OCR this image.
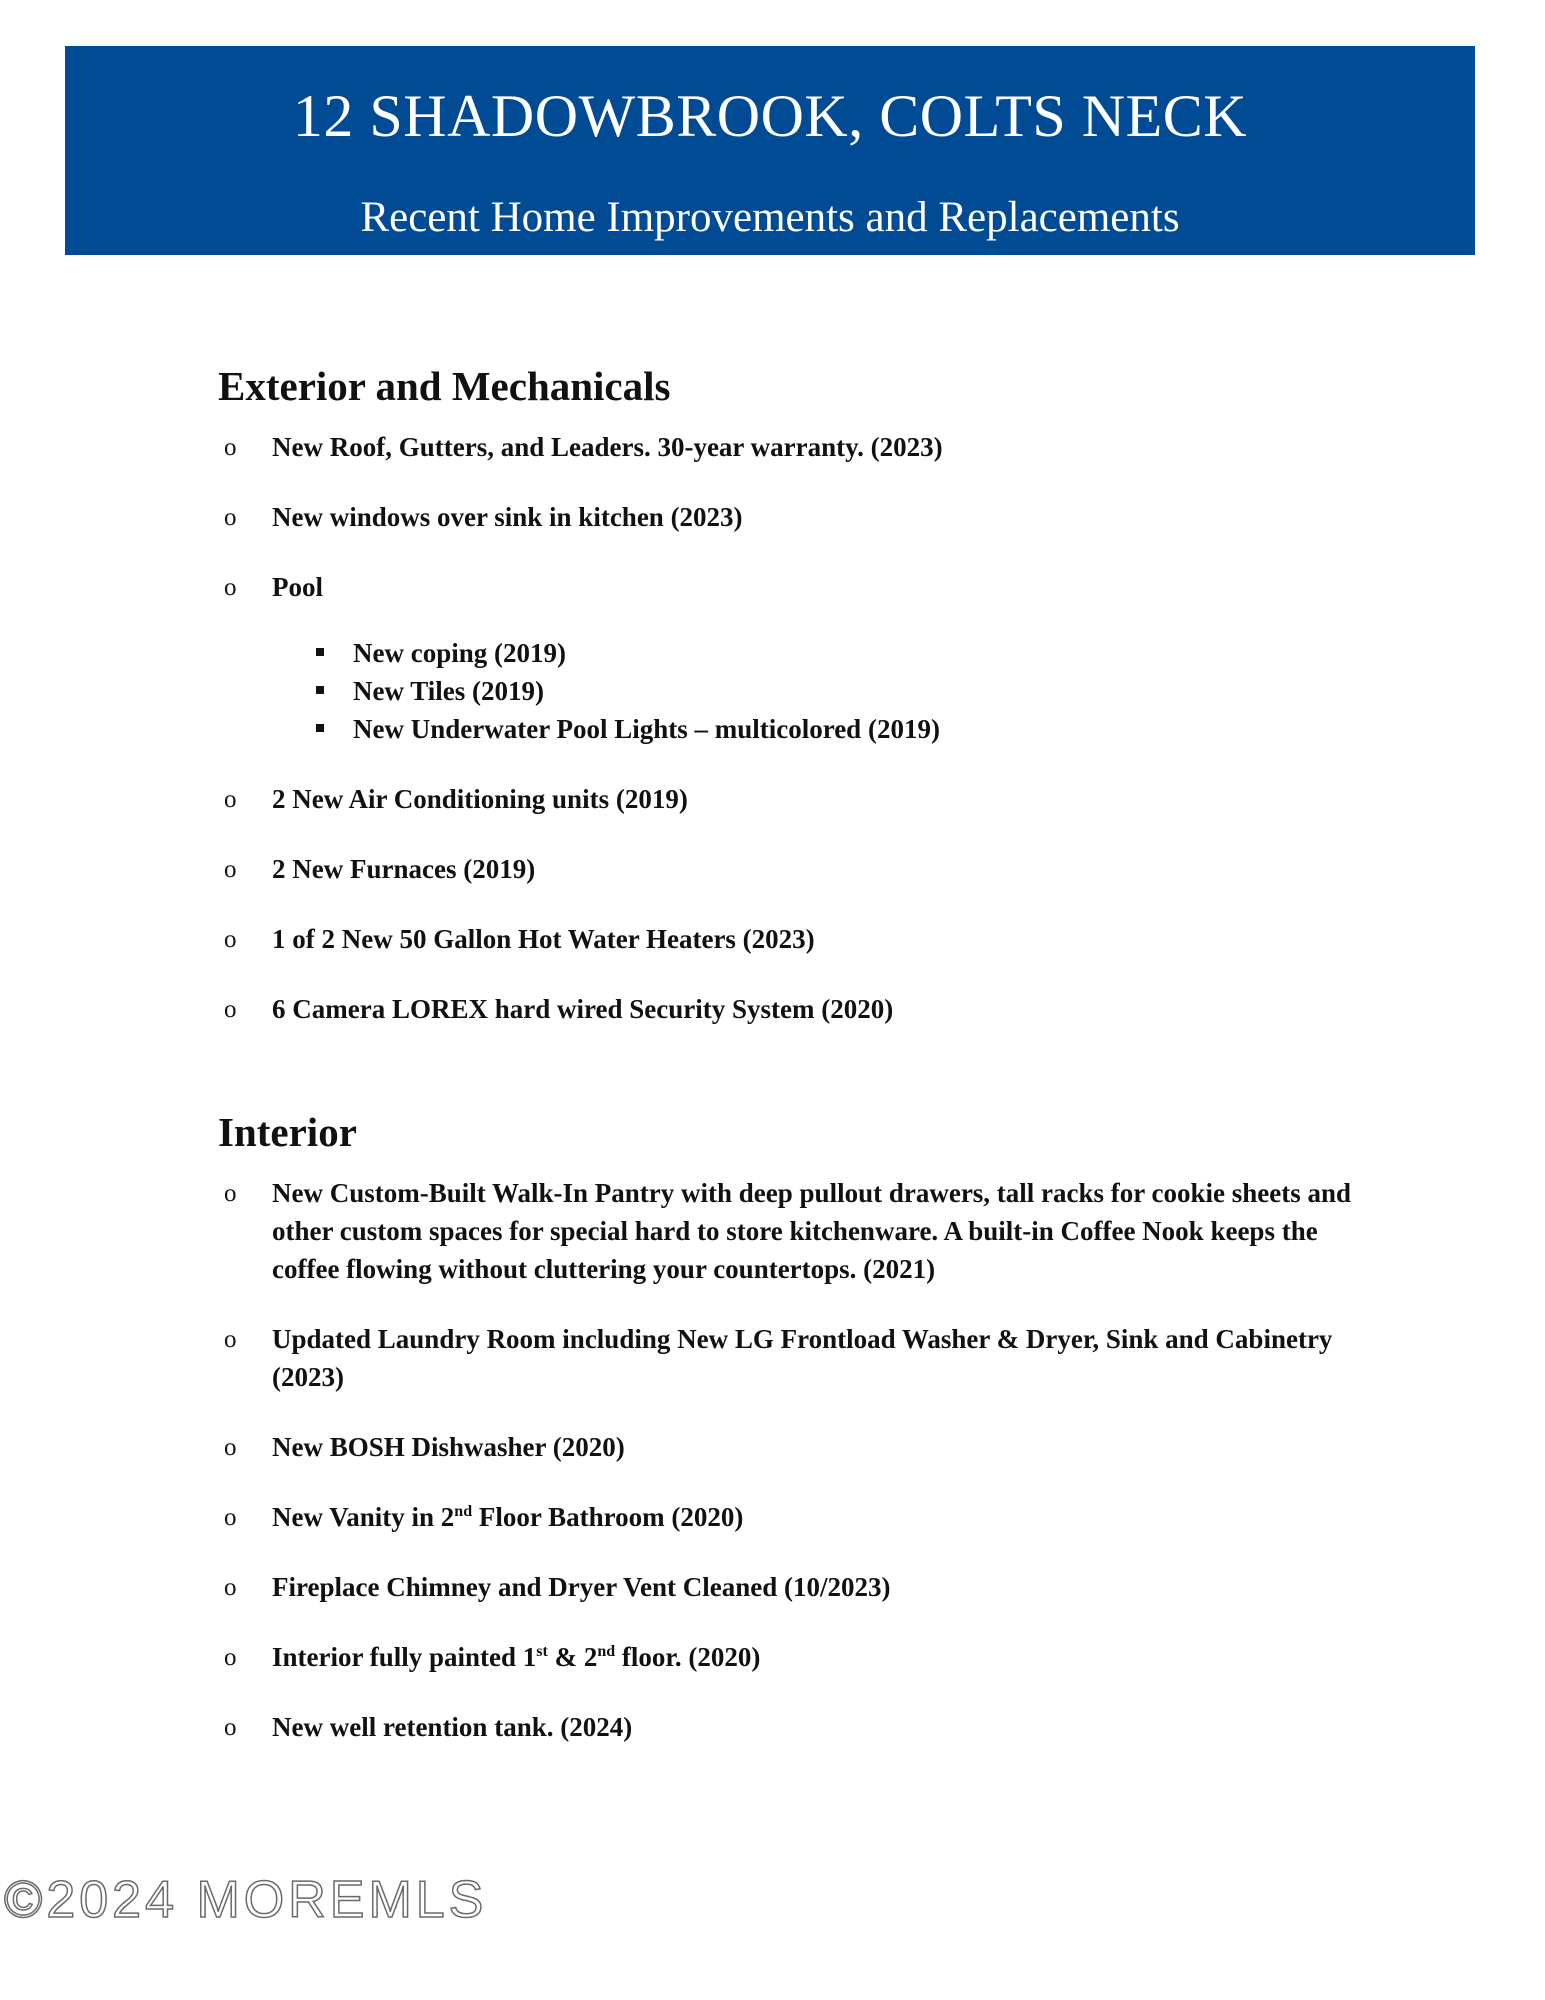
12 SHADOWBROOK, COLTS NECK
Recent Home Improvements and Replacements
Exterior and Mechanicals
o New Roof, Gutters, and Leaders. 30-year warranty. (2023)
o New windows over sink in kitchen (2023)
o Pool
New coping (2019)
New Tiles (2019)
New Underwater Pool Lights – multicolored (2019)
o 2 New Air Conditioning units (2019)
o 2 New Furnaces (2019)
o 1 of 2 New 50 Gallon Hot Water Heaters (2023)
o 6 Camera LOREX hard wired Security System (2020)
Interior
o New Custom-Built Walk-In Pantry with deep pullout drawers, tall racks for cookie sheets and other custom spaces for special hard to store kitchenware. A built-in Coffee Nook keeps the coffee flowing without cluttering your countertops. (2021)
o Updated Laundry Room including New LG Frontload Washer & Dryer, Sink and Cabinetry (2023)
o New BOSH Dishwasher (2020)
o New Vanity in 2nd Floor Bathroom (2020)
o Fireplace Chimney and Dryer Vent Cleaned (10/2023)
o Interior fully painted 1st & 2nd floor. (2020)
o New well retention tank. (2024)
©2024 MOREMLS
